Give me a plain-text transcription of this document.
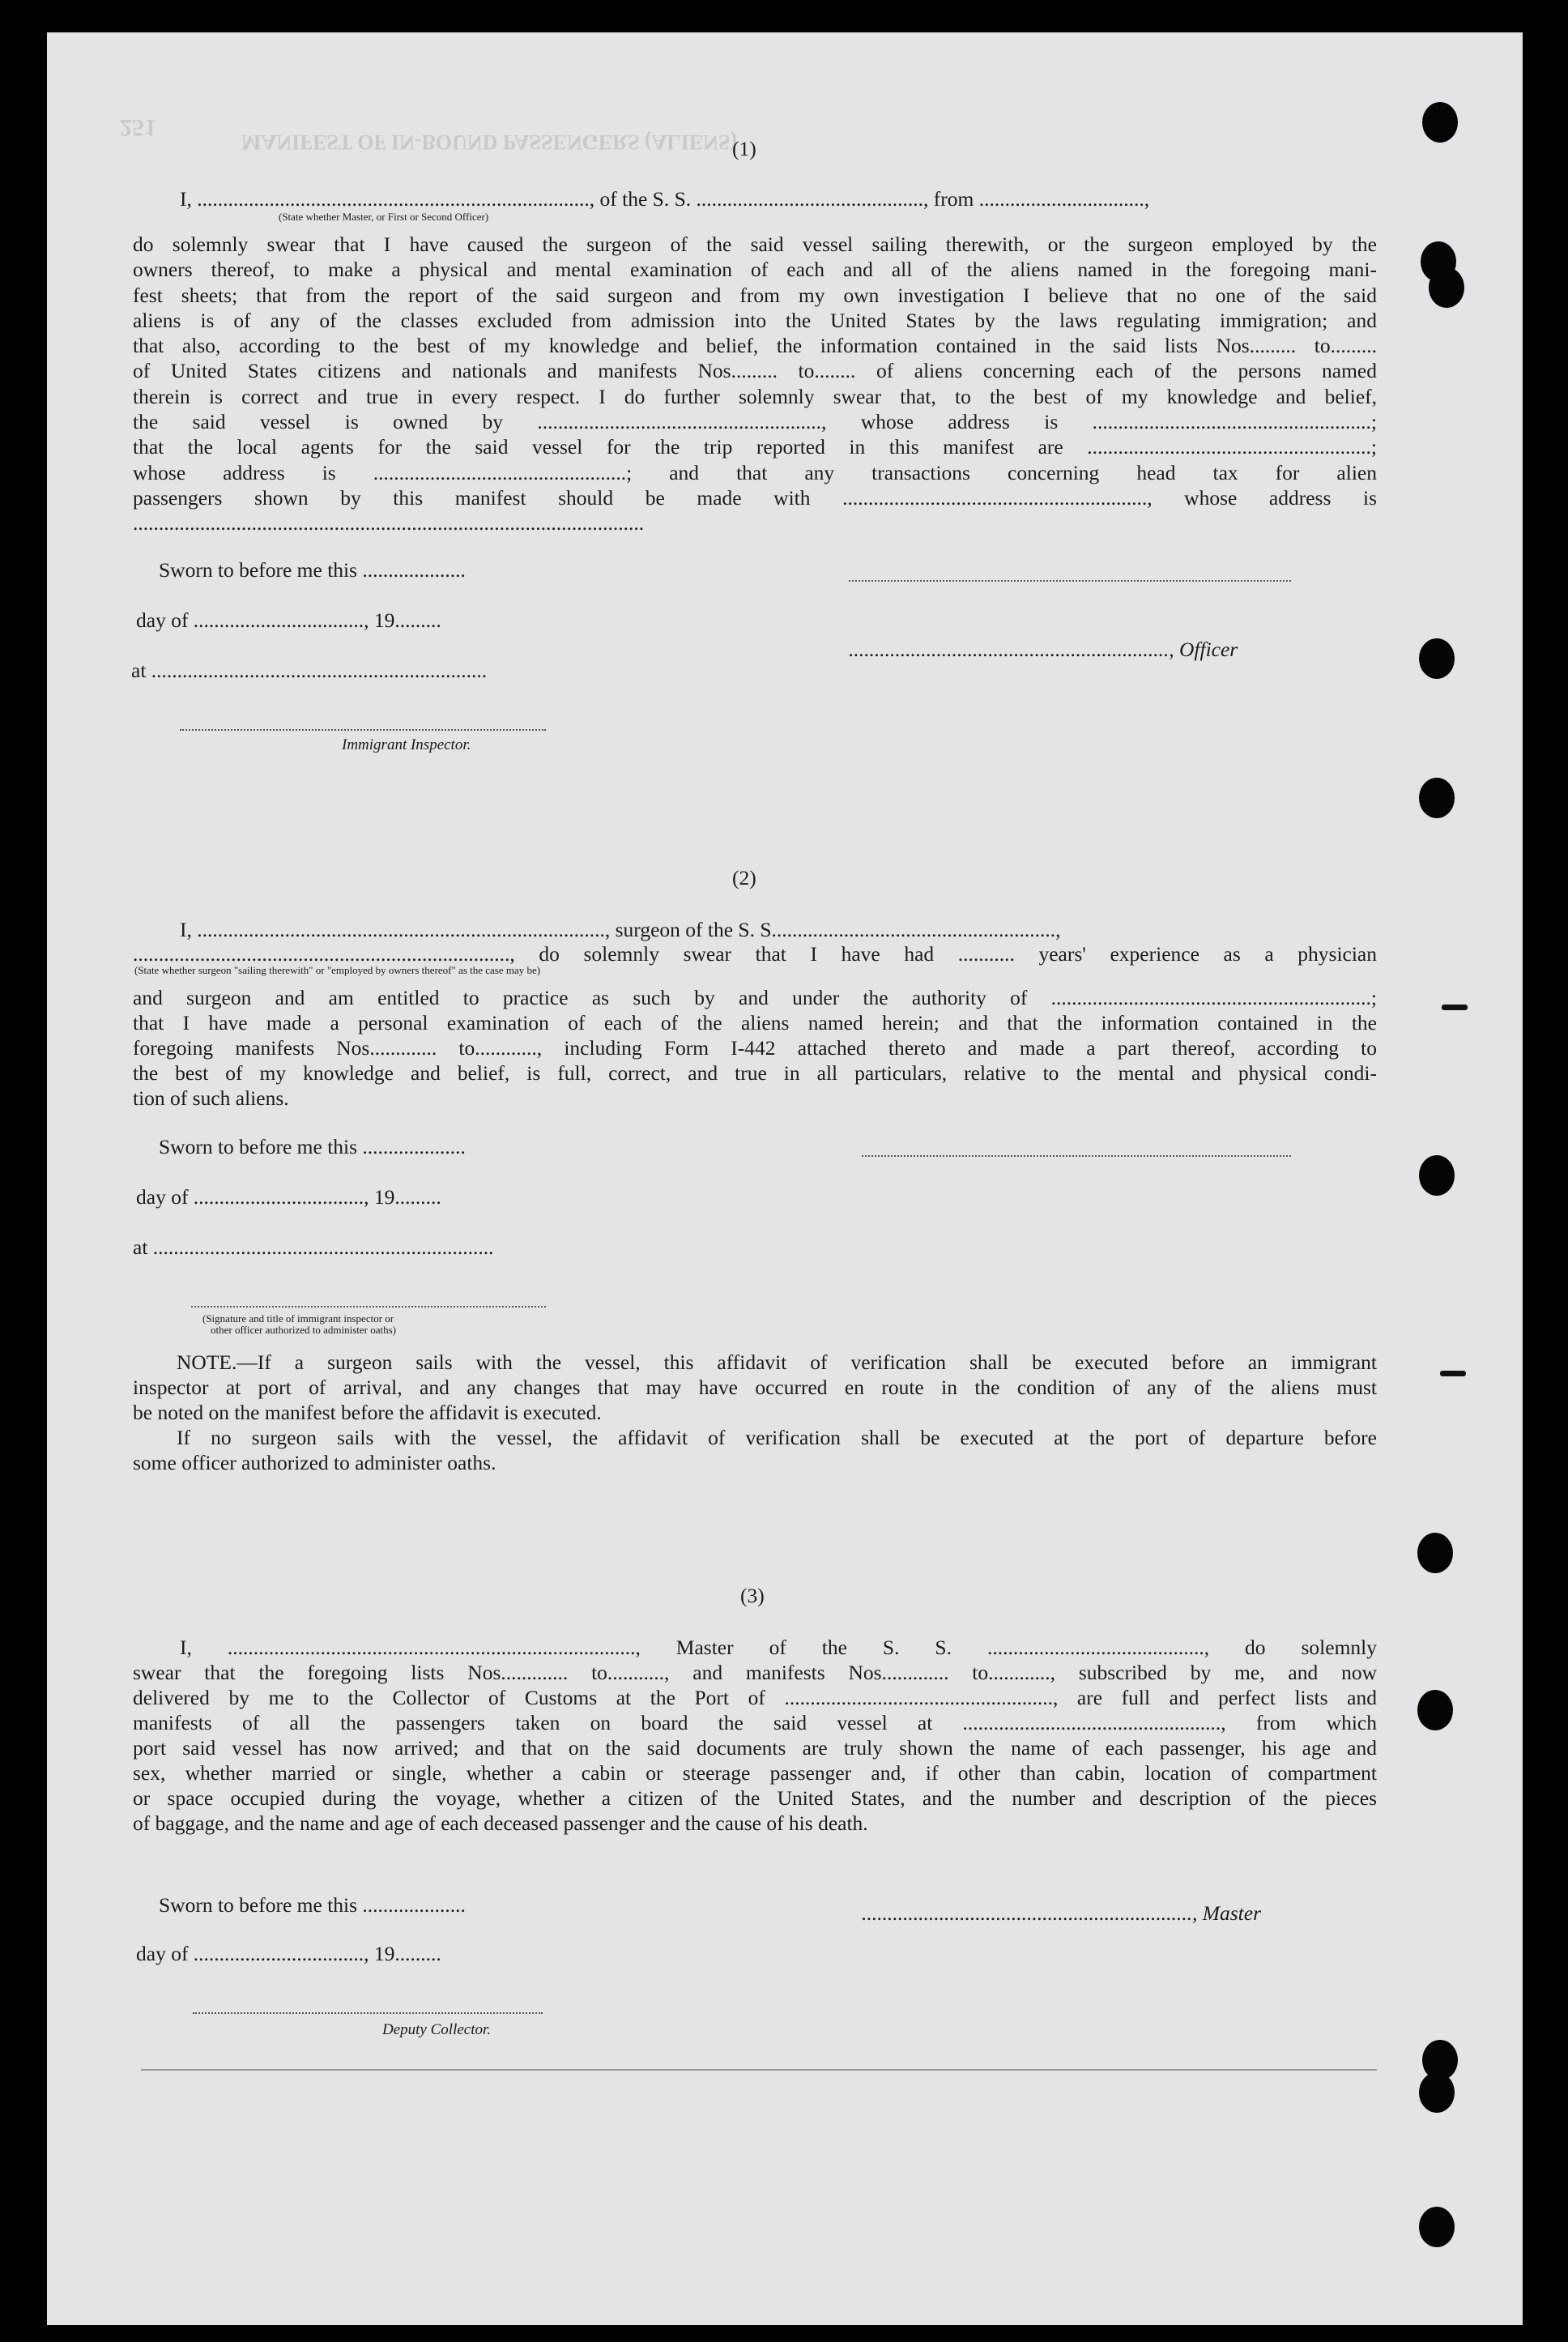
251
MANIFEST OF IN-BOUND PASSENGERS (ALIENS)
(1)
I, ............................................................................, of the S. S. ............................................, from ................................,
(State whether Master, or First or Second Officer)
do solemnly swear that I have caused the surgeon of the said vessel sailing therewith, or the surgeon employed by the
owners thereof, to make a physical and mental examination of each and all of the aliens named in the foregoing mani-
fest sheets; that from the report of the said surgeon and from my own investigation I believe that no one of the said
aliens is of any of the classes excluded from admission into the United States by the laws regulating immigration; and
that also, according to the best of my knowledge and belief, the information contained in the said lists Nos......... to.........
of United States citizens and nationals and manifests Nos......... to........ of aliens concerning each of the persons named
therein is correct and true in every respect. I do further solemnly swear that, to the best of my knowledge and belief,
the said vessel is owned by ......................................................., whose address is ......................................................;
that the local agents for the said vessel for the trip reported in this manifest are .......................................................;
whose address is .................................................; and that any transactions concerning head tax for alien
passengers shown by this manifest should be made with ..........................................................., whose address is
...................................................................................................
Sworn to before me this ....................
day of ................................., 19.........
.............................................................., Officer
at .................................................................
Immigrant Inspector.
(2)
I, ..............................................................................., surgeon of the S. S.......................................................,
........................................................................., do solemnly swear that I have had ........... years' experience as a physician
(State whether surgeon "sailing therewith" or "employed by owners thereof" as the case may be)
and surgeon and am entitled to practice as such by and under the authority of ..............................................................;
that I have made a personal examination of each of the aliens named herein; and that the information contained in the
foregoing manifests Nos............. to............, including Form I-442 attached thereto and made a part thereof, according to
the best of my knowledge and belief, is full, correct, and true in all particulars, relative to the mental and physical condi-
tion of such aliens.
Sworn to before me this ....................
day of ................................., 19.........
at ..................................................................
(Signature and title of immigrant inspector or
other officer authorized to administer oaths)
NOTE.—If a surgeon sails with the vessel, this affidavit of verification shall be executed before an immigrant
inspector at port of arrival, and any changes that may have occurred en route in the condition of any of the aliens must
be noted on the manifest before the affidavit is executed.
If no surgeon sails with the vessel, the affidavit of verification shall be executed at the port of departure before
some officer authorized to administer oaths.
(3)
I, ..............................................................................., Master of the S. S. .........................................., do solemnly
swear that the foregoing lists Nos............. to..........., and manifests Nos............. to............, subscribed by me, and now
delivered by me to the Collector of Customs at the Port of ...................................................., are full and perfect lists and
manifests of all the passengers taken on board the said vessel at .................................................., from which
port said vessel has now arrived; and that on the said documents are truly shown the name of each passenger, his age and
sex, whether married or single, whether a cabin or steerage passenger and, if other than cabin, location of compartment
or space occupied during the voyage, whether a citizen of the United States, and the number and description of the pieces
of baggage, and the name and age of each deceased passenger and the cause of his death.
Sworn to before me this ....................	................................................................, Master
day of ................................., 19.........
Deputy Collector.
